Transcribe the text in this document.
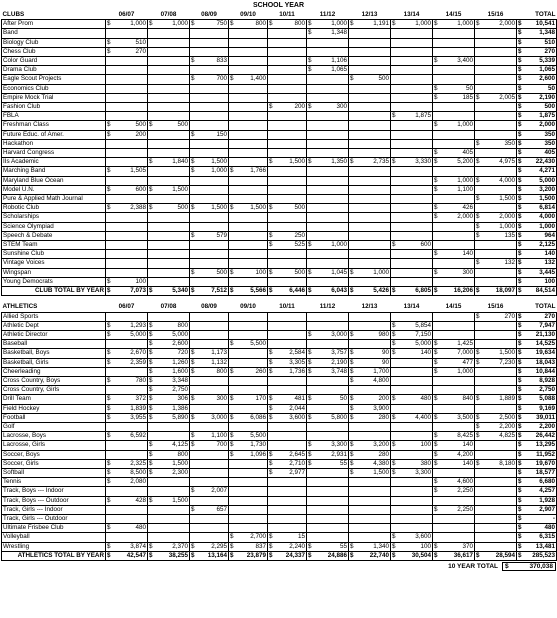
SCHOOL YEAR
CLUBS	06/07	07/08	08/09	09/10	10/11	11/12	12/13	13/14	14/15	15/16	TOTAL
After Prom	$ 1,000	$ 1,000	$ 750	$ 800	$ 800	$ 1,000	$ 1,191	$ 1,000	$ 1,000	$ 2,000	$ 10,541

Band						$ 1,348					$ 1,348

Biology Club	$ 510										$ 510

Chess Club	$ 270										$ 270

Color Guard			$ 833			$ 1,106			$ 3,400		$ 5,339

Drama Club						$ 1,065					$ 1,065

Eagle Scout Projects			$ 700	$ 1,400			$ 500				$ 2,600

Economics Club									$ 50		$ 50

Empire Mock Trial									$ 185	$ 2,005	$ 2,190

Fashion Club					$ 200	$ 300					$ 500

FBLA								$ 1,875			$ 1,875

Freshman Class	$ 500	$ 500							$ 1,000		$ 2,000

Future Educ. of Amer.	$ 200		$ 150								$ 350

Hackathon										$ 350	$ 350

Harvard Congress									$ 405		$ 405

IIs Academic		$ 1,840	$ 1,500		$ 1,500	$ 1,350	$ 2,735	$ 3,330	$ 5,200	$ 4,975	$ 22,430

Marching Band	$ 1,505		$ 1,000	$ 1,766							$ 4,271

Maryland Blue Ocean									$ 1,000	$ 4,000	$ 5,000

Model U.N.	$ 600	$ 1,500							$ 1,100		$ 3,200

Pure & Applied Math Journal										$ 1,500	$ 1,500

Robotic Club	$ 2,388	$ 500	$ 1,500	$ 1,500	$ 500				$ 426		$ 6,814

Scholarships									$ 2,000	$ 2,000	$ 4,000

Science Olympiad										$ 1,000	$ 1,000

Speech & Debate			$ 579		$ 250					$ 135	$ 964

STEM Team					$ 525	$ 1,000		$ 600			$ 2,125

Sunshine Club									$ 140		$ 140

Vintage Voices										$ 132	$ 132

Wingspan			$ 500	$ 100	$ 500	$ 1,045	$ 1,000		$ 300		$ 3,445

Young Democrats	$ 100										$ 100

CLUB TOTAL BY YEAR	$ 7,073	$ 5,340	$ 7,512	$ 5,566	$ 6,446	$ 6,043	$ 5,426	$ 6,805	$ 16,206	$ 18,097	$ 84,514
ATHLETICS	06/07	07/08	08/09	09/10	10/11	11/12	12/13	13/14	14/15	15/16	TOTAL
Allied Sports										$ 270	$ 270

Athletic Dept	$ 1,293	$ 800						$ 5,854			$ 7,947

Athletic Director	$ 5,000	$ 5,000				$ 3,000	$ 980	$ 7,150			$ 21,130

Baseball		$ 2,600		$ 5,500				$ 5,000	$ 1,425		$ 14,525

Basketball, Boys	$ 2,670	$ 720	$ 1,173		$ 2,584	$ 3,757	$ 90	$ 140	$ 7,000	$ 1,500	$ 19,634

Basketball, Girls	$ 2,359	$ 1,260	$ 1,132		$ 3,305	$ 2,190	$ 90		$ 477	$ 7,230	$ 18,043

Cheerleading		$ 1,600	$ 800	$ 260	$ 1,736	$ 3,748	$ 1,700		$ 1,000		$ 10,844

Cross Country, Boys	$ 780	$ 3,348					$ 4,800				$ 8,928

Cross Country, Girls		$ 2,750									$ 2,750

Drill Team	$ 372	$ 306	$ 300	$ 170	$ 481	$ 50	$ 200	$ 480	$ 840	$ 1,889	$ 5,088

Field Hockey	$ 1,839	$ 1,386			$ 2,044		$ 3,900				$ 9,169

Football	$ 3,955	$ 5,890	$ 3,000	$ 6,086	$ 3,600	$ 5,800	$ 280	$ 4,400	$ 3,500	$ 2,500	$ 39,011

Golf										$ 2,200	$ 2,200

Lacrosse, Boys	$ 6,592		$ 1,100	$ 5,500					$ 8,425	$ 4,825	$ 26,442

Lacrosse, Girls		$ 4,125	$ 700	$ 1,730		$ 3,300	$ 3,200	$ 100	$ 140		$ 13,295

Soccer, Boys		$ 800		$ 1,096	$ 2,645	$ 2,931	$ 280		$ 4,200		$ 11,952

Soccer, Girls	$ 2,325	$ 1,500			$ 2,710	$ 55	$ 4,380	$ 380	$ 140	$ 8,180	$ 19,670

Softball	$ 8,500	$ 2,300			$ 2,977		$ 1,500	$ 3,300			$ 18,577

Tennis	$ 2,080								$ 4,600		$ 6,680

Track, Boys --- Indoor			$ 2,007						$ 2,250		$ 4,257

Track, Boys --- Outdoor	$ 428	$ 1,500									$ 1,928

Track, Girls --- Indoor			$ 657						$ 2,250		$ 2,907

Track, Girls --- Outdoor											$ -

Ultimate Frisbee Club	$ 480										$ 480

Volleyball				$ 2,700	$ 15			$ 3,600			$ 6,315

Wrestling	$ 3,874	$ 2,370	$ 2,295	$ 837	$ 2,240	$ 55	$ 1,340	$ 100	$ 370		$ 13,481

ATHLETICS TOTAL BY YEAR	$ 42,547	$ 38,255	$ 13,164	$ 23,879	$ 24,337	$ 24,886	$ 22,740	$ 30,504	$ 36,617	$ 28,594	$ 285,523
10 YEAR TOTAL	$	370,038
